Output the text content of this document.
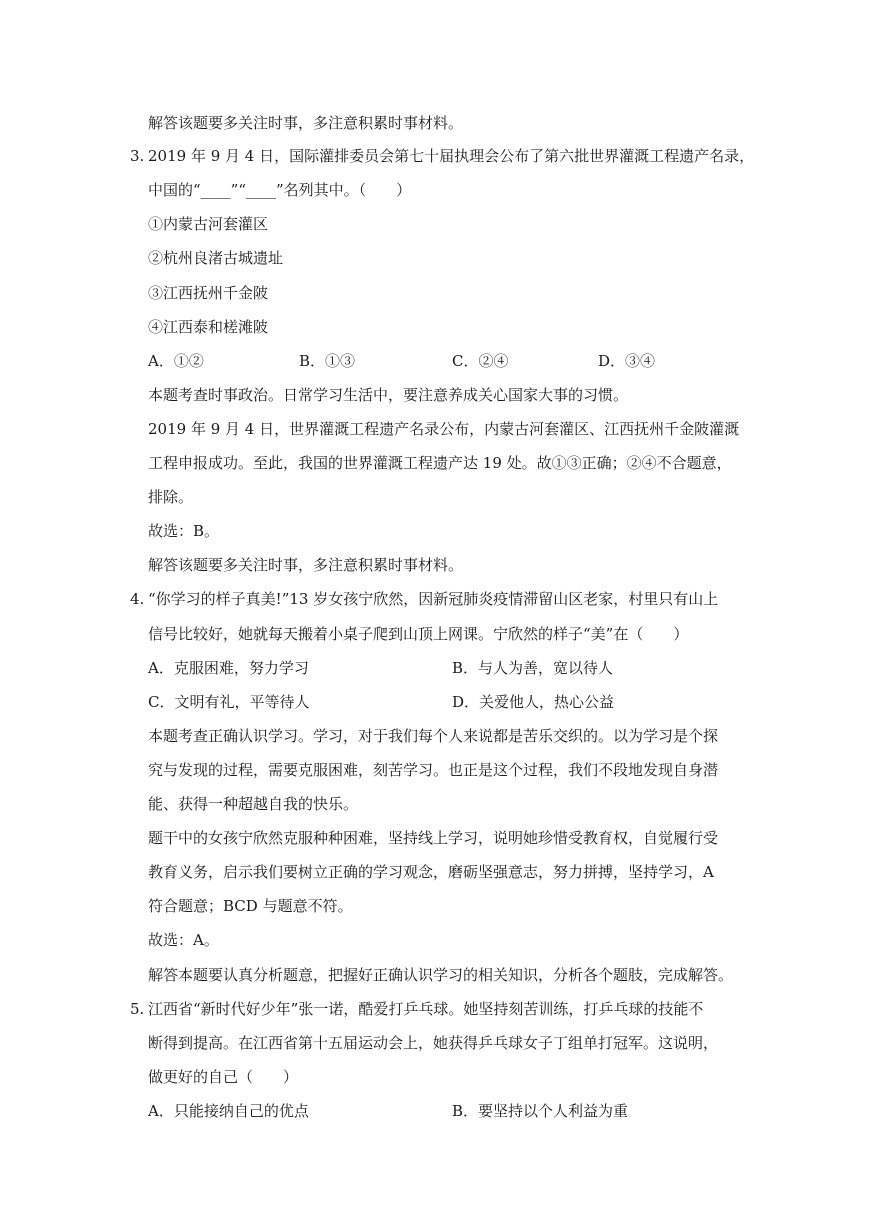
解答该题要多关注时事，多注意积累时事材料。
3. 2019 年 9 月 4 日，国际灌排委员会第七十届执理会公布了第六批世界灌溉工程遗产名录，
中国的“____”“____”名列其中。（　　）
①内蒙古河套灌区
②杭州良渚古城遗址
③江西抚州千金陂
④江西泰和槎滩陂
A．①②	B．①③	C．②④	D．③④
本题考查时事政治。日常学习生活中，要注意养成关心国家大事的习惯。
2019 年 9 月 4 日，世界灌溉工程遗产名录公布，内蒙古河套灌区、江西抚州千金陂灌溉
工程申报成功。至此，我国的世界灌溉工程遗产达 19 处。故①③正确；②④不合题意，
排除。
故选：B。
解答该题要多关注时事，多注意积累时事材料。
4. “你学习的样子真美!”13 岁女孩宁欣然，因新冠肺炎疫情滞留山区老家，村里只有山上
信号比较好，她就每天搬着小桌子爬到山顶上网课。宁欣然的样子“美”在（　　）
A．克服困难，努力学习	B．与人为善，宽以待人
C．文明有礼，平等待人	D．关爱他人，热心公益
本题考查正确认识学习。学习，对于我们每个人来说都是苦乐交织的。以为学习是个探
究与发现的过程，需要克服困难，刻苦学习。也正是这个过程，我们不段地发现自身潜
能、获得一种超越自我的快乐。
题干中的女孩宁欣然克服种种困难，坚持线上学习，说明她珍惜受教育权，自觉履行受
教育义务，启示我们要树立正确的学习观念，磨砺坚强意志，努力拼搏，坚持学习，A
符合题意；BCD 与题意不符。
故选：A。
解答本题要认真分析题意，把握好正确认识学习的相关知识，分析各个题肢，完成解答。
5. 江西省“新时代好少年”张一诺，酷爱打乒乓球。她坚持刻苦训练，打乒乓球的技能不
断得到提高。在江西省第十五届运动会上，她获得乒乓球女子丁组单打冠军。这说明，
做更好的自己（　　）
A．只能接纳自己的优点	B．要坚持以个人利益为重
